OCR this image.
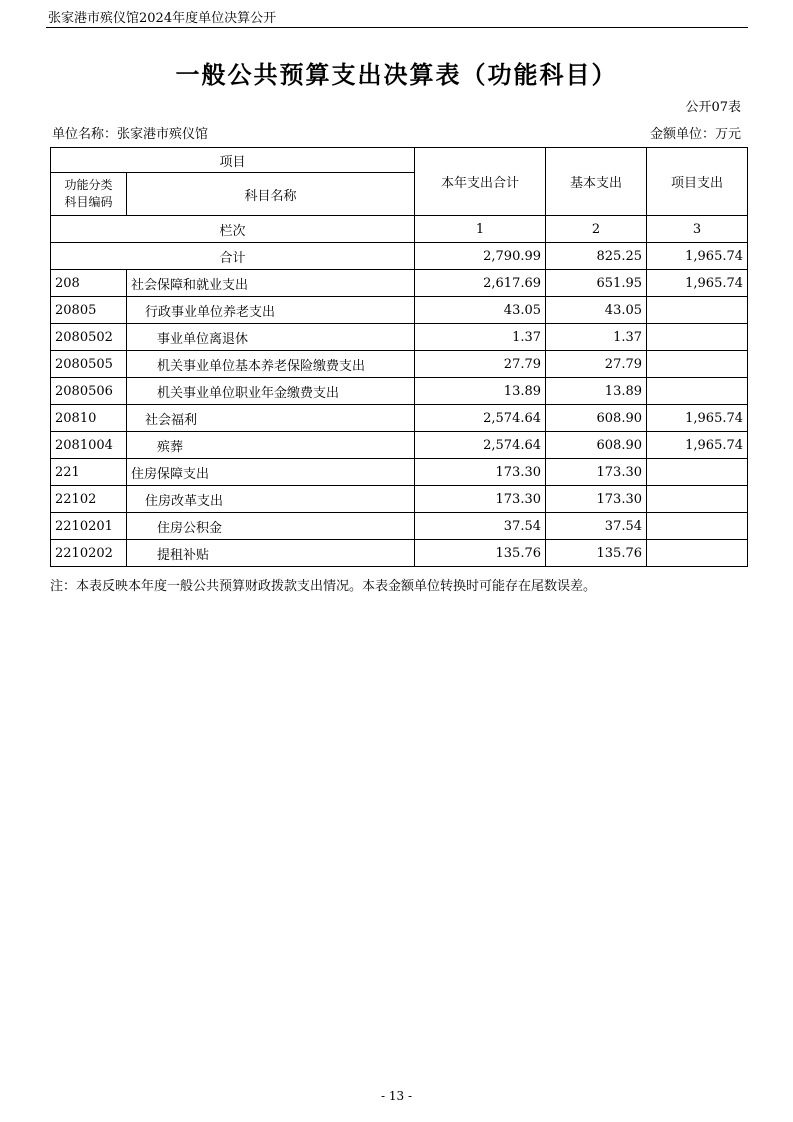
张家港市殡仪馆2024年度单位决算公开
一般公共预算支出决算表（功能科目）
公开07表
单位名称：张家港市殡仪馆	金额单位：万元
项目		本年支出合计	基本支出	项目支出
功能分类
科目编码	科目名称			
栏次		1	2	3
合计		2,790.99	825.25	1,965.74
208	社会保障和就业支出	2,617.69	651.95	1,965.74
20805	行政事业单位养老支出	43.05	43.05	
2080502	事业单位离退休	1.37	1.37	
2080505	机关事业单位基本养老保险缴费支出	27.79	27.79	
2080506	机关事业单位职业年金缴费支出	13.89	13.89	
20810	社会福利	2,574.64	608.90	1,965.74
2081004	殡葬	2,574.64	608.90	1,965.74
221	住房保障支出	173.30	173.30	
22102	住房改革支出	173.30	173.30	
2210201	住房公积金	37.54	37.54	
2210202	提租补贴	135.76	135.76	
注：本表反映本年度一般公共预算财政拨款支出情况。本表金额单位转换时可能存在尾数误差。
- 13 -
